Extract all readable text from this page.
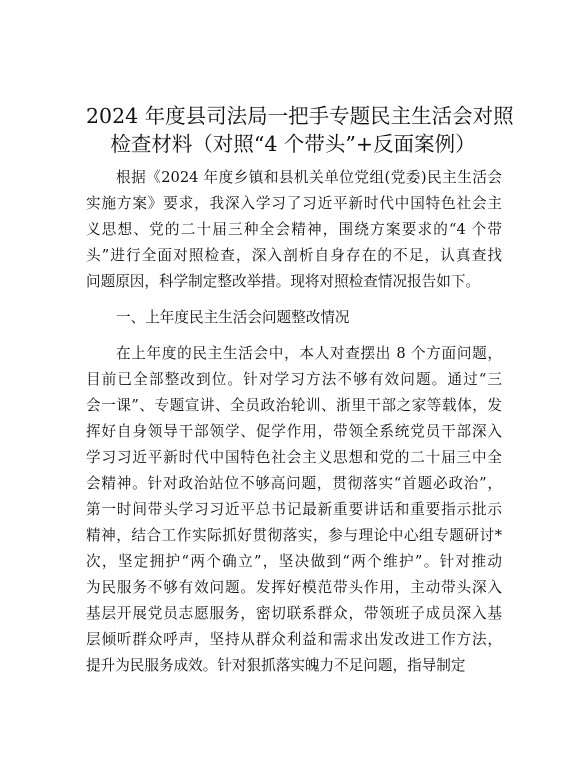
2024 年度县司法局一把手专题民主生活会对照
检查材料（对照“4 个带头”+反面案例）
根据《2024 年度乡镇和县机关单位党组(党委)民主生活会
实施方案》要求，我深入学习了习近平新时代中国特色社会主
义思想、党的二十届三种全会精神，围绕方案要求的“4 个带
头”进行全面对照检查，深入剖析自身存在的不足，认真查找
问题原因，科学制定整改举措。现将对照检查情况报告如下。
一、上年度民主生活会问题整改情况
在上年度的民主生活会中，本人对查摆出 8 个方面问题，
目前已全部整改到位。针对学习方法不够有效问题。通过“三
会一课”、专题宣讲、全员政治轮训、浙里干部之家等载体，发
挥好自身领导干部领学、促学作用，带领全系统党员干部深入
学习习近平新时代中国特色社会主义思想和党的二十届三中全
会精神。针对政治站位不够高问题，贯彻落实“首题必政治”，
第一时间带头学习习近平总书记最新重要讲话和重要指示批示
精神，结合工作实际抓好贯彻落实，参与理论中心组专题研讨*
次，坚定拥护“两个确立”，坚决做到“两个维护”。针对推动
为民服务不够有效问题。发挥好模范带头作用，主动带头深入
基层开展党员志愿服务，密切联系群众，带领班子成员深入基
层倾听群众呼声，坚持从群众利益和需求出发改进工作方法，
提升为民服务成效。针对狠抓落实魄力不足问题，指导制定
